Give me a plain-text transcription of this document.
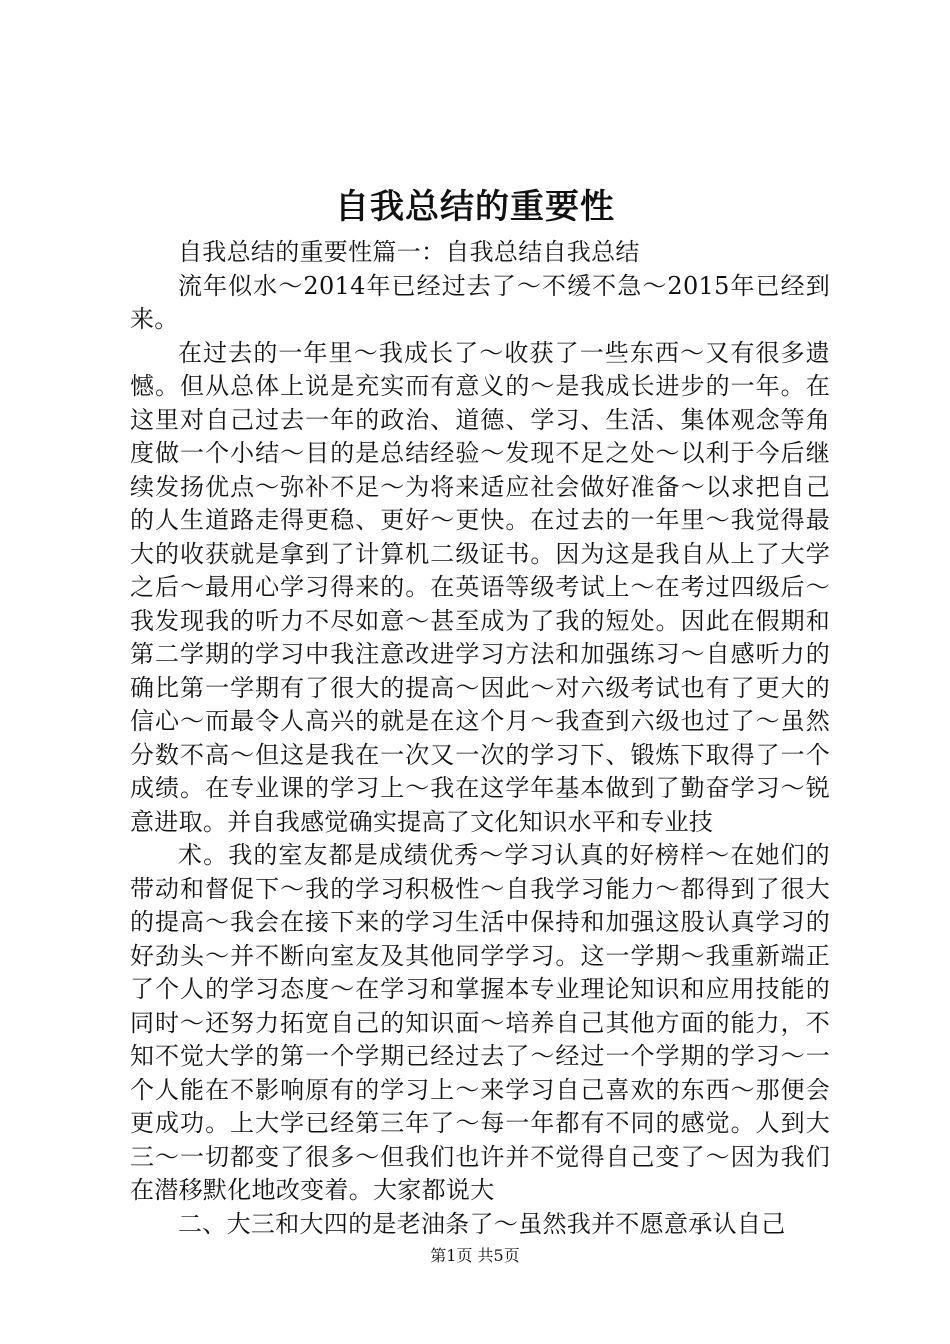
自我总结的重要性

自我总结的重要性篇一：自我总结自我总结

流年似水～2014年已经过去了～不缓不急～2015年已经到来。

在过去的一年里～我成长了～收获了一些东西～又有很多遗憾。但从总体上说是充实而有意义的～是我成长进步的一年。在这里对自己过去一年的政治、道德、学习、生活、集体观念等角度做一个小结～目的是总结经验～发现不足之处～以利于今后继续发扬优点～弥补不足～为将来适应社会做好准备～以求把自己的人生道路走得更稳、更好～更快。在过去的一年里～我觉得最大的收获就是拿到了计算机二级证书。因为这是我自从上了大学之后～最用心学习得来的。在英语等级考试上～在考过四级后～我发现我的听力不尽如意～甚至成为了我的短处。因此在假期和第二学期的学习中我注意改进学习方法和加强练习～自感听力的确比第一学期有了很大的提高～因此～对六级考试也有了更大的信心～而最令人高兴的就是在这个月～我查到六级也过了～虽然分数不高～但这是我在一次又一次的学习下、锻炼下取得了一个成绩。在专业课的学习上～我在这学年基本做到了勤奋学习～锐意进取。并自我感觉确实提高了文化知识水平和专业技

术。我的室友都是成绩优秀～学习认真的好榜样～在她们的带动和督促下～我的学习积极性～自我学习能力～都得到了很大的提高～我会在接下来的学习生活中保持和加强这股认真学习的好劲头～并不断向室友及其他同学学习。这一学期～我重新端正了个人的学习态度～在学习和掌握本专业理论知识和应用技能的同时～还努力拓宽自己的知识面～培养自己其他方面的能力，不知不觉大学的第一个学期已经过去了～经过一个学期的学习～一个人能在不影响原有的学习上～来学习自己喜欢的东西～那便会更成功。上大学已经第三年了～每一年都有不同的感觉。人到大三～一切都变了很多～但我们也许并不觉得自己变了～因为我们在潜移默化地改变着。大家都说大

二、大三和大四的是老油条了～虽然我并不愿意承认自己

第1页 共5页
